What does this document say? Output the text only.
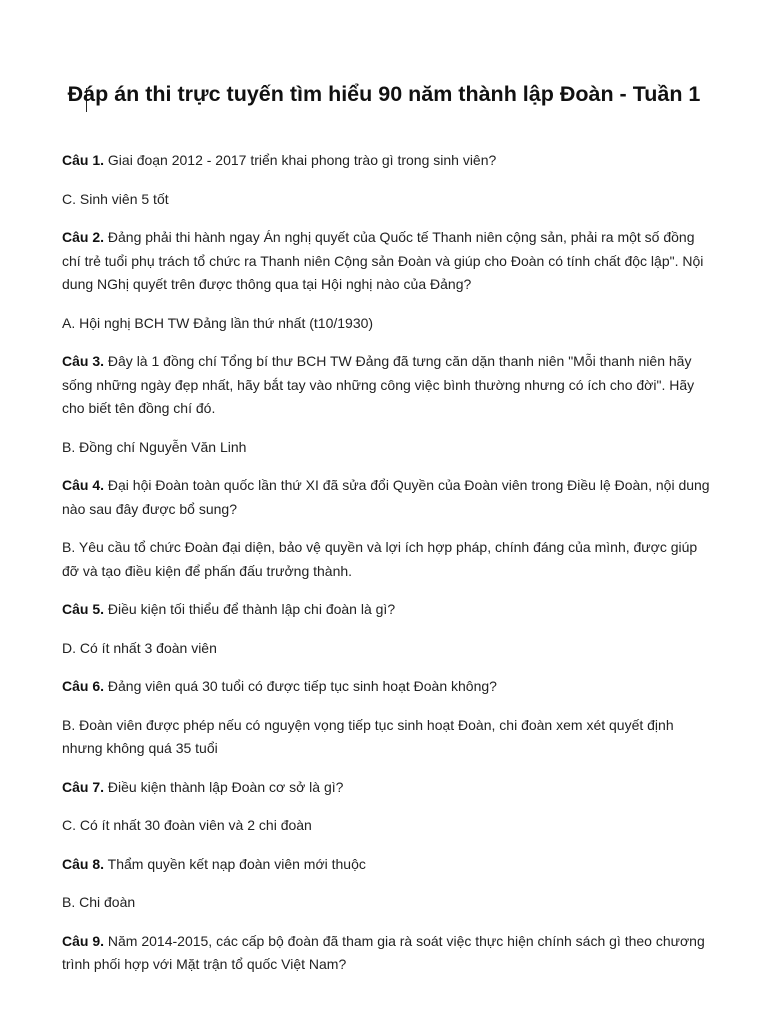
Đáp án thi trực tuyến tìm hiểu 90 năm thành lập Đoàn - Tuần 1

Câu 1. Giai đoạn 2012 - 2017 triển khai phong trào gì trong sinh viên?

C. Sinh viên 5 tốt

Câu 2. Đảng phải thi hành ngay Án nghị quyết của Quốc tế Thanh niên cộng sản, phải ra một số đồng chí trẻ tuổi phụ trách tổ chức ra Thanh niên Cộng sản Đoàn và giúp cho Đoàn có tính chất độc lập". Nội dung NGhị quyết trên được thông qua tại Hội nghị nào của Đảng?

A. Hội nghị BCH TW Đảng lần thứ nhất (t10/1930)

Câu 3. Đây là 1 đồng chí Tổng bí thư BCH TW Đảng đã tưng căn dặn thanh niên "Mỗi thanh niên hãy sống những ngày đẹp nhất, hãy bắt tay vào những công việc bình thường nhưng có ích cho đời". Hãy cho biết tên đồng chí đó.

B. Đồng chí Nguyễn Văn Linh

Câu 4. Đại hội Đoàn toàn quốc lần thứ XI đã sửa đổi Quyền của Đoàn viên trong Điều lệ Đoàn, nội dung nào sau đây được bổ sung?

B. Yêu cầu tổ chức Đoàn đại diện, bảo vệ quyền và lợi ích hợp pháp, chính đáng của mình, được giúp đỡ và tạo điều kiện để phấn đấu trưởng thành.

Câu 5. Điều kiện tối thiểu để thành lập chi đoàn là gì?

D. Có ít nhất 3 đoàn viên

Câu 6. Đảng viên quá 30 tuổi có được tiếp tục sinh hoạt Đoàn không?

B. Đoàn viên được phép nếu có nguyện vọng tiếp tục sinh hoạt Đoàn, chi đoàn xem xét quyết định nhưng không quá 35 tuổi

Câu 7. Điều kiện thành lập Đoàn cơ sở là gì?

C. Có ít nhất 30 đoàn viên và 2 chi đoàn

Câu 8. Thẩm quyền kết nạp đoàn viên mới thuộc

B. Chi đoàn

Câu 9. Năm 2014-2015, các cấp bộ đoàn đã tham gia rà soát việc thực hiện chính sách gì theo chương trình phối hợp với Mặt trận tổ quốc Việt Nam?
